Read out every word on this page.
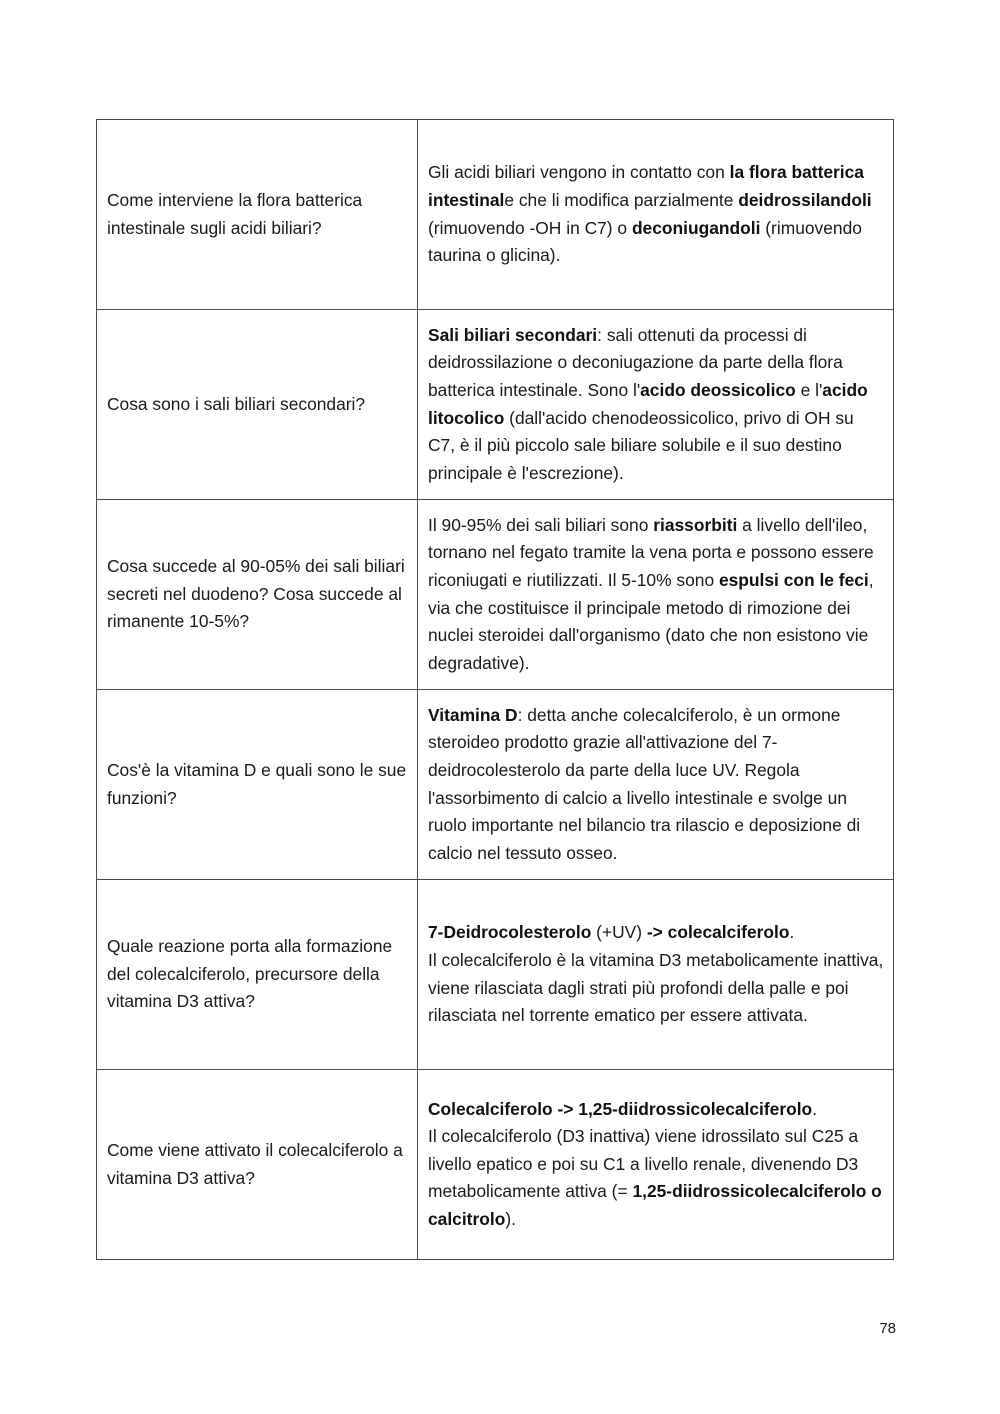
Come interviene la flora batterica intestinale sugli acidi biliari?	Gli acidi biliari vengono in contatto con la flora batterica intestinale che li modifica parzialmente deidrossilandoli (rimuovendo -OH in C7) o deconiugandoli (rimuovendo taurina o glicina).

Cosa sono i sali biliari secondari?	Sali biliari secondari: sali ottenuti da processi di deidrossilazione o deconiugazione da parte della flora batterica intestinale. Sono l'acido deossicolico e l'acido litocolico (dall'acido chenodeossicolico, privo di OH su C7, è il più piccolo sale biliare solubile e il suo destino principale è l'escrezione).

Cosa succede al 90-05% dei sali biliari secreti nel duodeno? Cosa succede al rimanente 10-5%?	Il 90-95% dei sali biliari sono riassorbiti a livello dell'ileo, tornano nel fegato tramite la vena porta e possono essere riconiugati e riutilizzati. Il 5-10% sono espulsi con le feci, via che costituisce il principale metodo di rimozione dei nuclei steroidei dall'organismo (dato che non esistono vie degradative).

Cos'è la vitamina D e quali sono le sue funzioni?	Vitamina D: detta anche colecalciferolo, è un ormone steroideo prodotto grazie all'attivazione del 7-deidrocolesterolo da parte della luce UV. Regola l'assorbimento di calcio a livello intestinale e svolge un ruolo importante nel bilancio tra rilascio e deposizione di calcio nel tessuto osseo.

Quale reazione porta alla formazione del colecalciferolo, precursore della vitamina D3 attiva?	7-Deidrocolesterolo (+UV) -> colecalciferolo.
Il colecalciferolo è la vitamina D3 metabolicamente inattiva, viene rilasciata dagli strati più profondi della palle e poi rilasciata nel torrente ematico per essere attivata.

Come viene attivato il colecalciferolo a vitamina D3 attiva?	Colecalciferolo -> 1,25-diidrossicolecalciferolo.
Il colecalciferolo (D3 inattiva) viene idrossilato sul C25 a livello epatico e poi su C1 a livello renale, divenendo D3 metabolicamente attiva (= 1,25-diidrossicolecalciferolo o calcitrolo).

78
